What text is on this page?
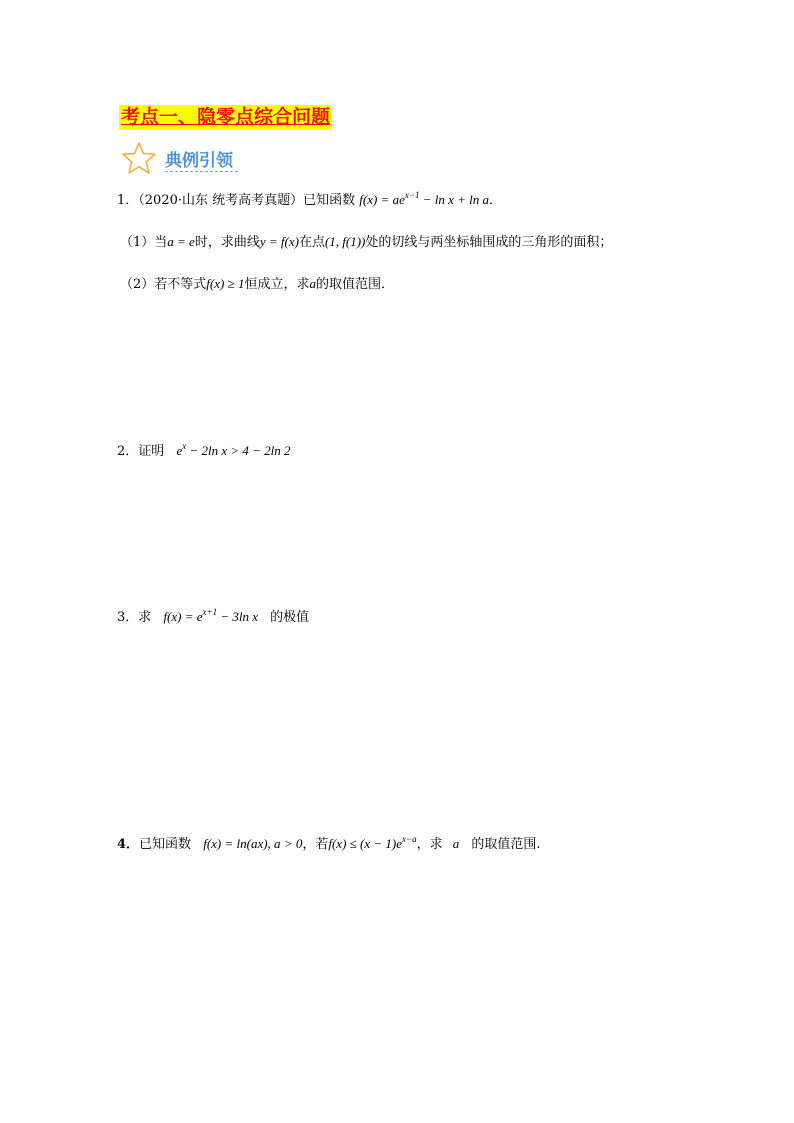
考点一、隐零点综合问题
典例引领
1．（2020·山东 统考高考真题）已知函数 $f(x) = ae^{x-1} - \ln x + \ln a$．
（1）当a = e时，求曲线y = f(x)在点(1, f(1))处的切线与两坐标轴围成的三角形的面积；
（2）若不等式f(x) ≥ 1恒成立，求a的取值范围．
2．证明 $e^x - 2\ln$ x > 4 − 2ln 2
3．求 $f(x) = e^{x+1} - 3\ln$ x 的极值
4．已知函数 f(x) = ln(ax), a > 0，若$f(x) \le (x - 1)e^{x-a}$，求 a 的取值范围.
